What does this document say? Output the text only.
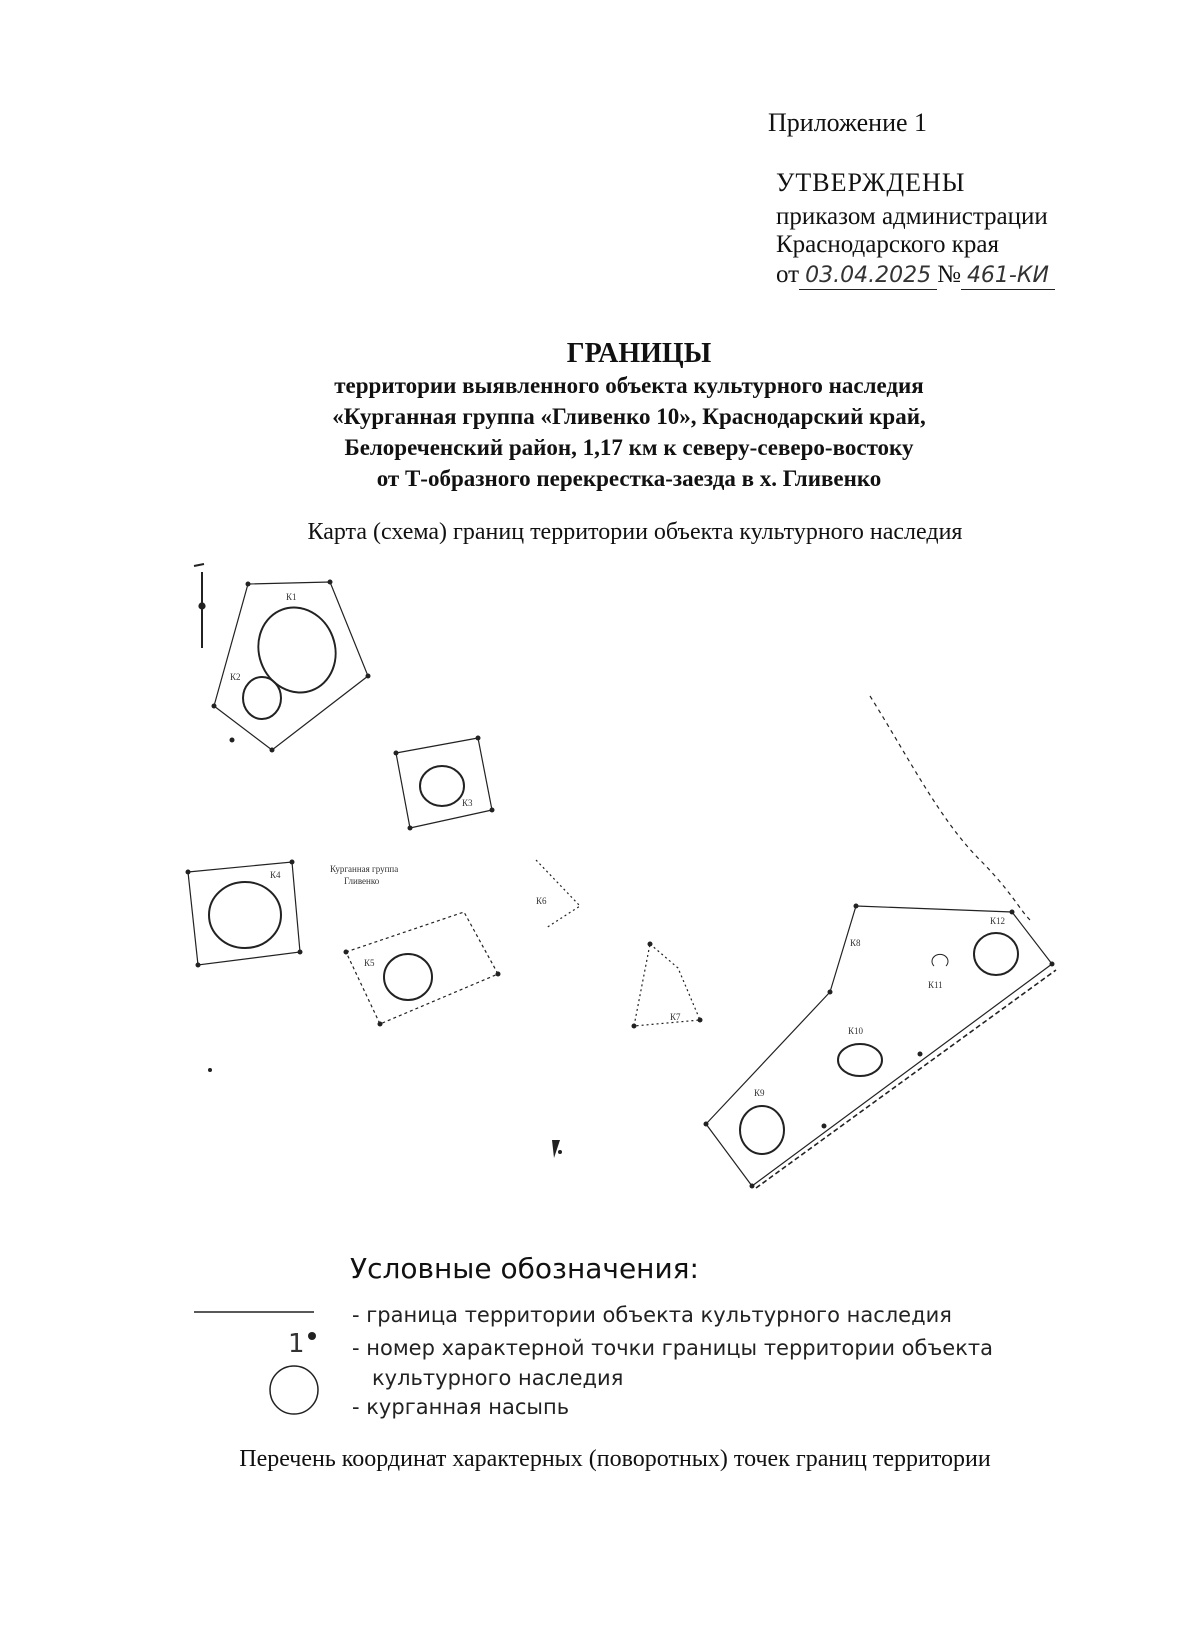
Приложение 1
УТВЕРЖДЕНЫ
приказом администрации
Краснодарского края
от 03.04.2025 № 461-КИ
ГРАНИЦЫ
территории выявленного объекта культурного наследия
«Курганная группа «Гливенко 10», Краснодарский край,
Белореченский район, 1,17 км к северу-северо-востоку
от Т-образного перекрестка-заезда в х. Гливенко
Карта (схема) границ территории объекта культурного наследия
К1
К2
К3
К4
К5
К6
К7
К8
К9
К10
К11
К12
Курганная группа
Гливенко
Условные обозначения:
1
- граница территории объекта культурного наследия
- номер характерной точки границы территории объекта
культурного наследия
- курганная насыпь
Перечень координат характерных (поворотных) точек границ территории
